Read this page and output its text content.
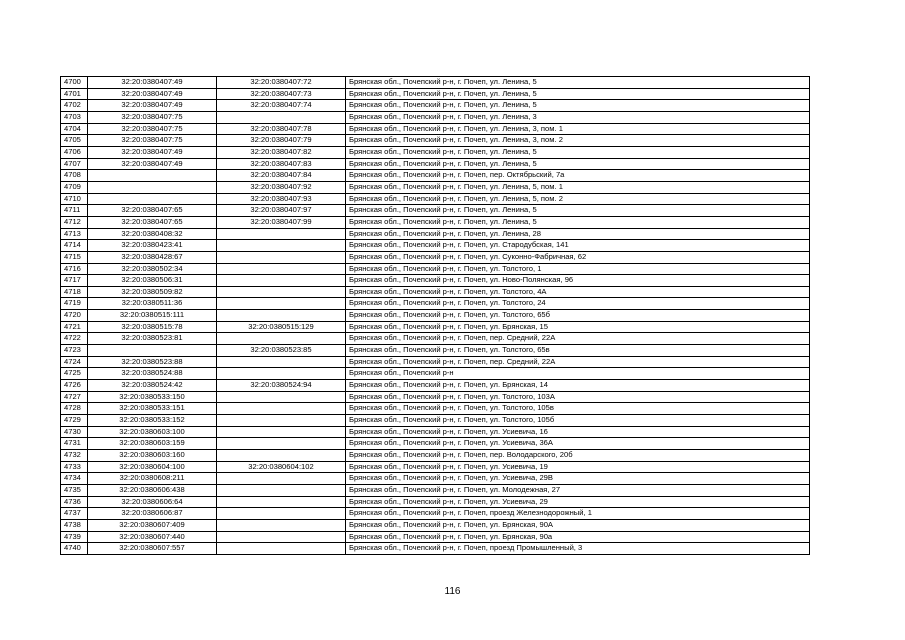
4700	32:20:0380407:49	32:20:0380407:72	Брянская обл., Почепский р-н, г. Почеп, ул. Ленина, 5
4701	32:20:0380407:49	32:20:0380407:73	Брянская обл., Почепский р-н, г. Почеп, ул. Ленина, 5
4702	32:20:0380407:49	32:20:0380407:74	Брянская обл., Почепский р-н, г. Почеп, ул. Ленина, 5
4703	32:20:0380407:75		Брянская обл., Почепский р-н, г. Почеп, ул. Ленина, 3
4704	32:20:0380407:75	32:20:0380407:78	Брянская обл., Почепский р-н, г. Почеп, ул. Ленина, 3, пом. 1
4705	32:20:0380407:75	32:20:0380407:79	Брянская обл., Почепский р-н, г. Почеп, ул. Ленина, 3, пом. 2
4706	32:20:0380407:49	32:20:0380407:82	Брянская обл., Почепский р-н, г. Почеп, ул. Ленина, 5
4707	32:20:0380407:49	32:20:0380407:83	Брянская обл., Почепский р-н, г. Почеп, ул. Ленина, 5
4708		32:20:0380407:84	Брянская обл., Почепский р-н, г. Почеп, пер. Октябрьский, 7а
4709		32:20:0380407:92	Брянская обл., Почепский р-н, г. Почеп, ул. Ленина, 5, пом. 1
4710		32:20:0380407:93	Брянская обл., Почепский р-н, г. Почеп, ул. Ленина, 5, пом. 2
4711	32:20:0380407:65	32:20:0380407:97	Брянская обл., Почепский р-н, г. Почеп, ул. Ленина, 5
4712	32:20:0380407:65	32:20:0380407:99	Брянская обл., Почепский р-н, г. Почеп, ул. Ленина, 5
4713	32:20:0380408:32		Брянская обл., Почепский р-н, г. Почеп, ул. Ленина, 28
4714	32:20:0380423:41		Брянская обл., Почепский р-н, г. Почеп, ул. Стародубская, 141
4715	32:20:0380428:67		Брянская обл., Почепский р-н, г. Почеп, ул. Суконно-Фабричная, 62
4716	32:20:0380502:34		Брянская обл., Почепский р-н, г. Почеп, ул. Толстого, 1
4717	32:20:0380506:31		Брянская обл., Почепский р-н, г. Почеп, ул. Ново-Полянская, 96
4718	32:20:0380509:82		Брянская обл., Почепский р-н, г. Почеп, ул. Толстого, 4А
4719	32:20:0380511:36		Брянская обл., Почепский р-н, г. Почеп, ул. Толстого, 24
4720	32:20:0380515:111		Брянская обл., Почепский р-н, г. Почеп, ул. Толстого, 65б
4721	32:20:0380515:78	32:20:0380515:129	Брянская обл., Почепский р-н, г. Почеп, ул. Брянская, 15
4722	32:20:0380523:81		Брянская обл., Почепский р-н, г. Почеп, пер. Средний, 22А
4723		32:20:0380523:85	Брянская обл., Почепский р-н, г. Почеп, ул. Толстого, 65в
4724	32:20:0380523:88		Брянская обл., Почепский р-н, г. Почеп, пер. Средний, 22А
4725	32:20:0380524:88		Брянская обл., Почепский р-н
4726	32:20:0380524:42	32:20:0380524:94	Брянская обл., Почепский р-н, г. Почеп, ул. Брянская, 14
4727	32:20:0380533:150		Брянская обл., Почепский р-н, г. Почеп, ул. Толстого, 103А
4728	32:20:0380533:151		Брянская обл., Почепский р-н, г. Почеп, ул. Толстого, 105в
4729	32:20:0380533:152		Брянская обл., Почепский р-н, г. Почеп, ул. Толстого, 105б
4730	32:20:0380603:100		Брянская обл., Почепский р-н, г. Почеп, ул. Усиевича, 16
4731	32:20:0380603:159		Брянская обл., Почепский р-н, г. Почеп, ул. Усиевича, 36А
4732	32:20:0380603:160		Брянская обл., Почепский р-н, г. Почеп, пер. Володарского, 20б
4733	32:20:0380604:100	32:20:0380604:102	Брянская обл., Почепский р-н, г. Почеп, ул. Усиевича, 19
4734	32:20:0380608:211		Брянская обл., Почепский р-н, г. Почеп, ул. Усиевича, 29В
4735	32:20:0380606:438		Брянская обл., Почепский р-н, г. Почеп, ул. Молодежная, 27
4736	32:20:0380606:64		Брянская обл., Почепский р-н, г. Почеп, ул. Усиевича, 29
4737	32:20:0380606:87		Брянская обл., Почепский р-н, г. Почеп, проезд Железнодорожный, 1
4738	32:20:0380607:409		Брянская обл., Почепский р-н, г. Почеп, ул. Брянская, 90А
4739	32:20:0380607:440		Брянская обл., Почепский р-н, г. Почеп, ул. Брянская, 90а
4740	32:20:0380607:557		Брянская обл., Почепский р-н, г. Почеп, проезд Промышленный, 3
116
